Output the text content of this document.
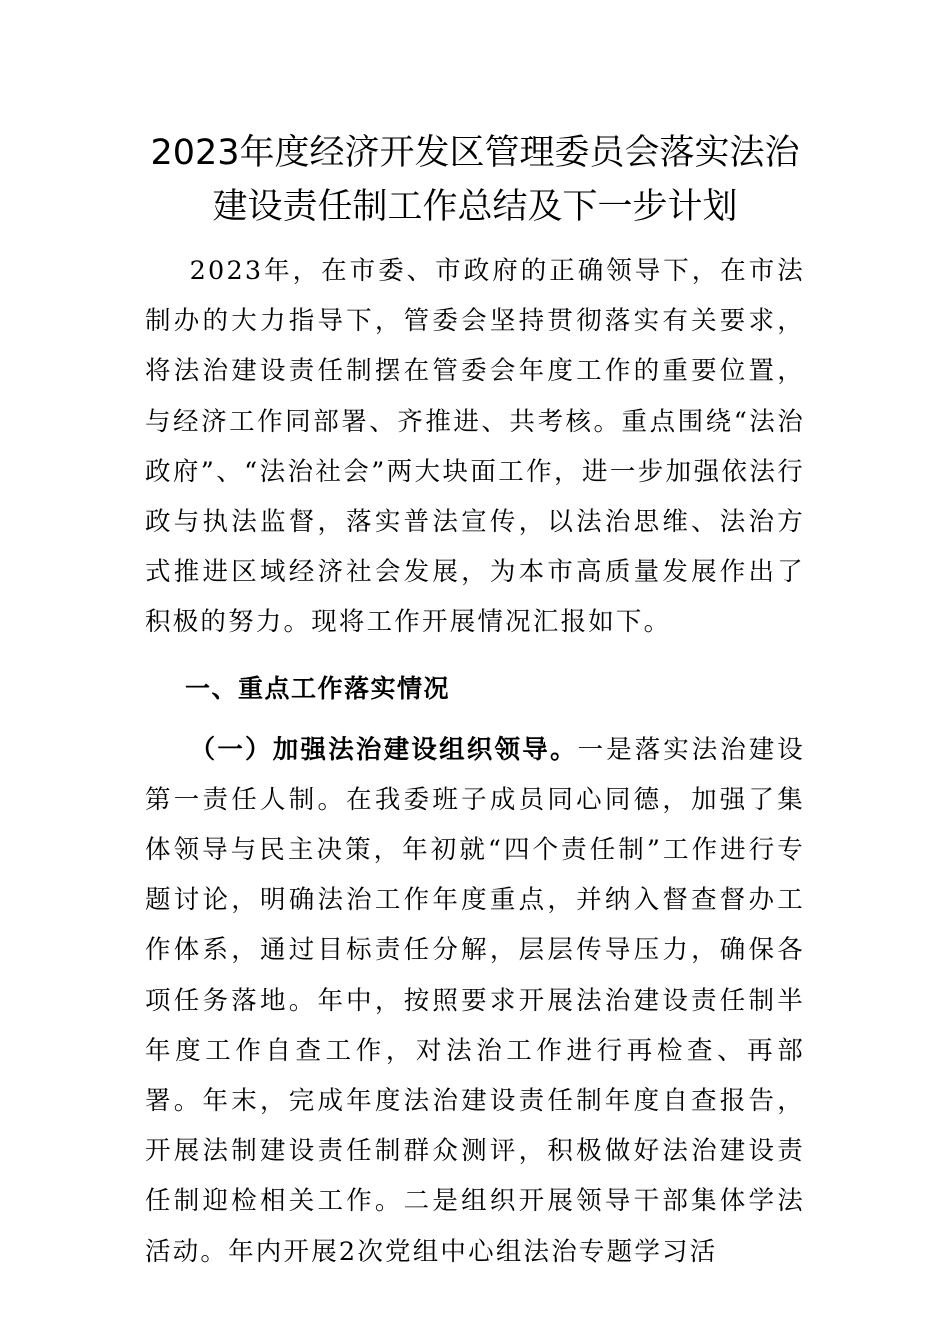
2023年度经济开发区管理委员会落实法治
建设责任制工作总结及下一步计划

2023年，在市委、市政府的正确领导下，在市法制办的大力指导下，管委会坚持贯彻落实有关要求，将法治建设责任制摆在管委会年度工作的重要位置，与经济工作同部署、齐推进、共考核。重点围绕“法治政府”、“法治社会”两大块面工作，进一步加强依法行政与执法监督，落实普法宣传，以法治思维、法治方式推进区域经济社会发展，为本市高质量发展作出了积极的努力。现将工作开展情况汇报如下。

一、重点工作落实情况

（一）加强法治建设组织领导。一是落实法治建设第一责任人制。在我委班子成员同心同德，加强了集体领导与民主决策，年初就“四个责任制”工作进行专题讨论，明确法治工作年度重点，并纳入督查督办工作体系，通过目标责任分解，层层传导压力，确保各项任务落地。年中，按照要求开展法治建设责任制半年度工作自查工作，对法治工作进行再检查、再部署。年末，完成年度法治建设责任制年度自查报告，开展法制建设责任制群众测评，积极做好法治建设责任制迎检相关工作。二是组织开展领导干部集体学法活动。年内开展2次党组中心组法治专题学习活
